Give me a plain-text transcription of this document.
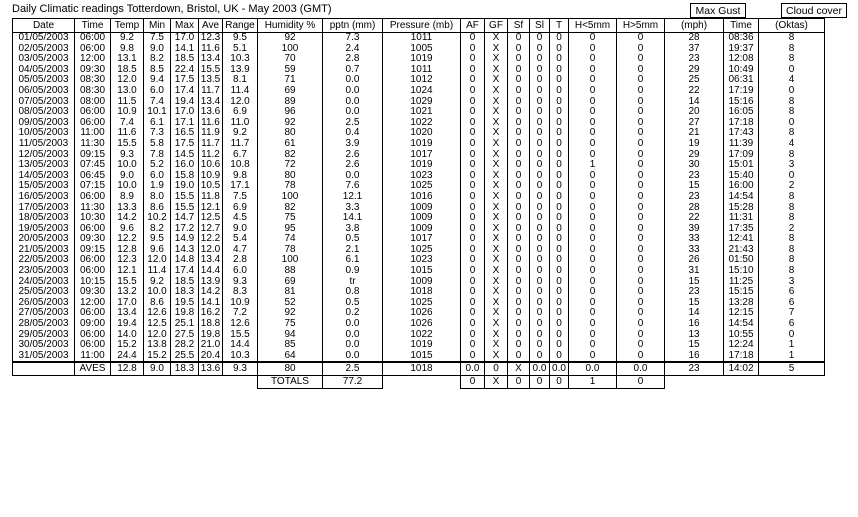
Daily Climatic readings Totterdown, Bristol, UK - May 2003 (GMT)	Max Gust	Cloud cover
Date	Time	Temp	Min	Max	Ave	Range	Humidity %	pptn (mm)	Pressure (mb)	AF	GF	Sf	Sl	T	H<5mm	H>5mm	(mph)	Time	(Oktas)
01/05/2003	06:00	9.2	7.5	17.0	12.3	9.5	92	7.3	1011	0	X	0	0	0	0	0	28	08:36	8
02/05/2003	06:00	9.8	9.0	14.1	11.6	5.1	100	2.4	1005	0	X	0	0	0	0	0	37	19:37	8
03/05/2003	12:00	13.1	8.2	18.5	13.4	10.3	70	2.8	1019	0	X	0	0	0	0	0	23	12:08	8
04/05/2003	09:30	18.5	8.5	22.4	15.5	13.9	59	0.7	1011	0	X	0	0	0	0	0	29	10:49	0
05/05/2003	08:30	12.0	9.4	17.5	13.5	8.1	71	0.0	1012	0	X	0	0	0	0	0	25	06:31	4
06/05/2003	08:30	13.0	6.0	17.4	11.7	11.4	69	0.0	1024	0	X	0	0	0	0	0	22	17:19	0
07/05/2003	08:00	11.5	7.4	19.4	13.4	12.0	89	0.0	1029	0	X	0	0	0	0	0	14	15:16	8
08/05/2003	06:00	10.9	10.1	17.0	13.6	6.9	96	0.0	1021	0	X	0	0	0	0	0	20	16:05	8
09/05/2003	06:00	7.4	6.1	17.1	11.6	11.0	92	2.5	1022	0	X	0	0	0	0	0	27	17:18	0
10/05/2003	11:00	11.6	7.3	16.5	11.9	9.2	80	0.4	1020	0	X	0	0	0	0	0	21	17:43	8
11/05/2003	11:30	15.5	5.8	17.5	11.7	11.7	61	3.9	1019	0	X	0	0	0	0	0	19	11:39	4
12/05/2003	09:15	9.3	7.8	14.5	11.2	6.7	82	2.6	1017	0	X	0	0	0	0	0	29	17:09	8
13/05/2003	07:45	10.0	5.2	16.0	10.6	10.8	72	2.6	1019	0	X	0	0	0	1	0	30	15:01	3
14/05/2003	06:45	9.0	6.0	15.8	10.9	9.8	80	0.0	1023	0	X	0	0	0	0	0	23	15:40	0
15/05/2003	07:15	10.0	1.9	19.0	10.5	17.1	78	7.6	1025	0	X	0	0	0	0	0	15	16:00	2
16/05/2003	06:00	8.9	8.0	15.5	11.8	7.5	100	12.1	1016	0	X	0	0	0	0	0	23	14:54	8
17/05/2003	11:30	13.3	8.6	15.5	12.1	6.9	82	3.3	1009	0	X	0	0	0	0	0	28	15:28	8
18/05/2003	10:30	14.2	10.2	14.7	12.5	4.5	75	14.1	1009	0	X	0	0	0	0	0	22	11:31	8
19/05/2003	06:00	9.6	8.2	17.2	12.7	9.0	95	3.8	1009	0	X	0	0	0	0	0	39	17:35	2
20/05/2003	09:30	12.2	9.5	14.9	12.2	5.4	74	0.5	1017	0	X	0	0	0	0	0	33	12:41	8
21/05/2003	09:15	12.8	9.6	14.3	12.0	4.7	78	2.1	1025	0	X	0	0	0	0	0	33	21:43	8
22/05/2003	06:00	12.3	12.0	14.8	13.4	2.8	100	6.1	1023	0	X	0	0	0	0	0	26	01:50	8
23/05/2003	06:00	12.1	11.4	17.4	14.4	6.0	88	0.9	1015	0	X	0	0	0	0	0	31	15:10	8
24/05/2003	10:15	15.5	9.2	18.5	13.9	9.3	69	tr	1009	0	X	0	0	0	0	0	15	11:25	3
25/05/2003	09:30	13.2	10.0	18.3	14.2	8.3	81	0.8	1018	0	X	0	0	0	0	0	23	15:15	6
26/05/2003	12:00	17.0	8.6	19.5	14.1	10.9	52	0.5	1025	0	X	0	0	0	0	0	15	13:28	6
27/05/2003	06:00	13.4	12.6	19.8	16.2	7.2	92	0.2	1026	0	X	0	0	0	0	0	14	12:15	7
28/05/2003	09:00	19.4	12.5	25.1	18.8	12.6	75	0.0	1026	0	X	0	0	0	0	0	16	14:54	6
29/05/2003	06:00	14.0	12.0	27.5	19.8	15.5	94	0.0	1022	0	X	0	0	0	0	0	13	10:55	0
30/05/2003	06:00	15.2	13.8	28.2	21.0	14.4	85	0.0	1019	0	X	0	0	0	0	0	15	12:24	1
31/05/2003	11:00	24.4	15.2	25.5	20.4	10.3	64	0.0	1015	0	X	0	0	0	0	0	16	17:18	1
	AVES	12.8	9.0	18.3	13.6	9.3	80	2.5	1018	0.0	0	X	0.0	0.0	0.0	0.0	23	14:02	5
							TOTALS	77.2		0	X	0	0	0	1	0			
